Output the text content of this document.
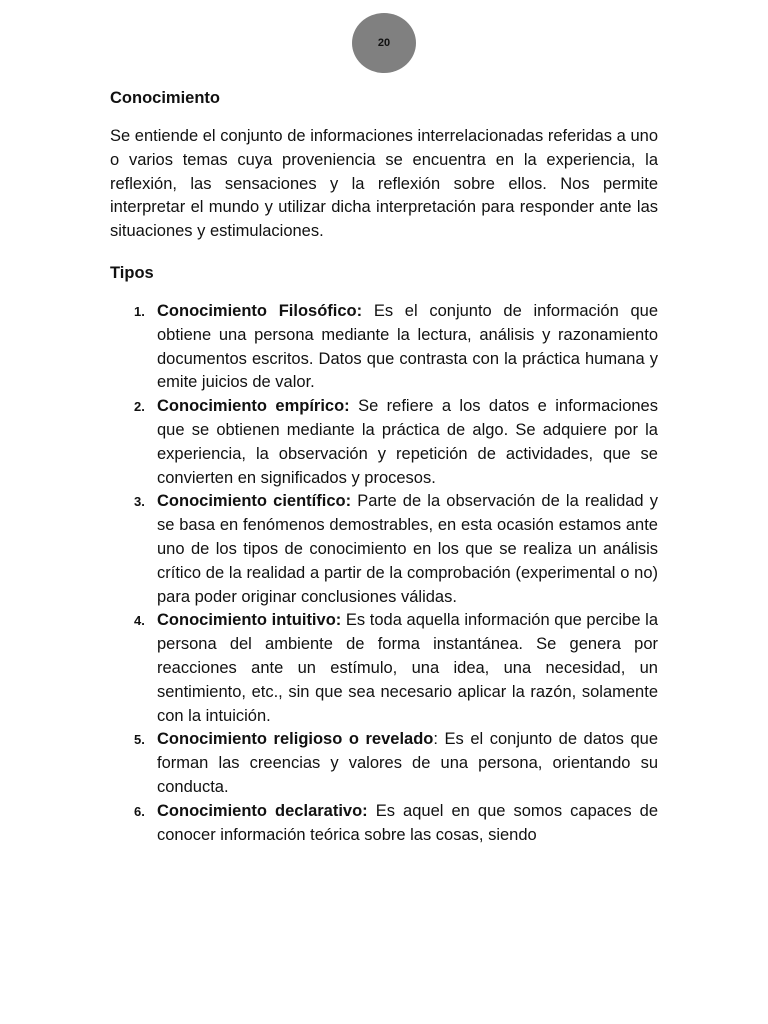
20
Conocimiento

Se entiende el conjunto de informaciones interrelacionadas referidas a uno o varios temas cuya proveniencia se encuentra en la experiencia, la reflexión, las sensaciones y la reflexión sobre ellos. Nos permite interpretar el mundo y utilizar dicha interpretación para responder ante las situaciones y estimulaciones.

Tipos
1. Conocimiento Filosófico: Es el conjunto de información que obtiene una persona mediante la lectura, análisis y razonamiento documentos escritos. Datos que contrasta con la práctica humana y emite juicios de valor.
2. Conocimiento empírico: Se refiere a los datos e informaciones que se obtienen mediante la práctica de algo. Se adquiere por la experiencia, la observación y repetición de actividades, que se convierten en significados y procesos.
3. Conocimiento científico: Parte de la observación de la realidad y se basa en fenómenos demostrables, en esta ocasión estamos ante uno de los tipos de conocimiento en los que se realiza un análisis crítico de la realidad a partir de la comprobación (experimental o no) para poder originar conclusiones válidas.
4. Conocimiento intuitivo: Es toda aquella información que percibe la persona del ambiente de forma instantánea. Se genera por reacciones ante un estímulo, una idea, una necesidad, un sentimiento, etc., sin que sea necesario aplicar la razón, solamente con la intuición.
5. Conocimiento religioso o revelado: Es el conjunto de datos que forman las creencias y valores de una persona, orientando su conducta.
6. Conocimiento declarativo: Es aquel en que somos capaces de conocer información teórica sobre las cosas, siendo
